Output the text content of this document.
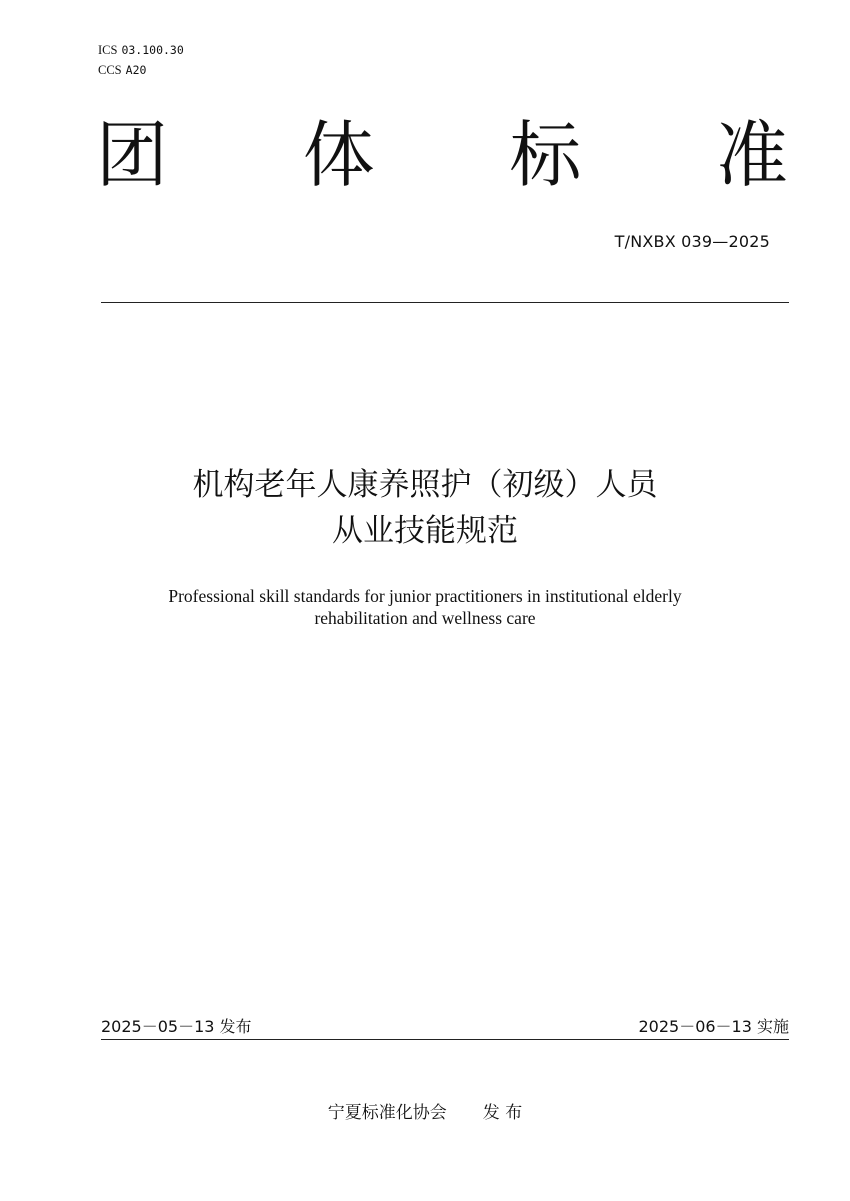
ICS 03.100.30
CCS A20
团 体 标 准
T/NXBX 039—2025
机构老年人康养照护（初级）人员
从业技能规范
Professional skill standards for junior practitioners in institutional elderly
rehabilitation and wellness care
2025－05－13 发布	2025－06－13 实施
宁夏标准化协会 发 布
